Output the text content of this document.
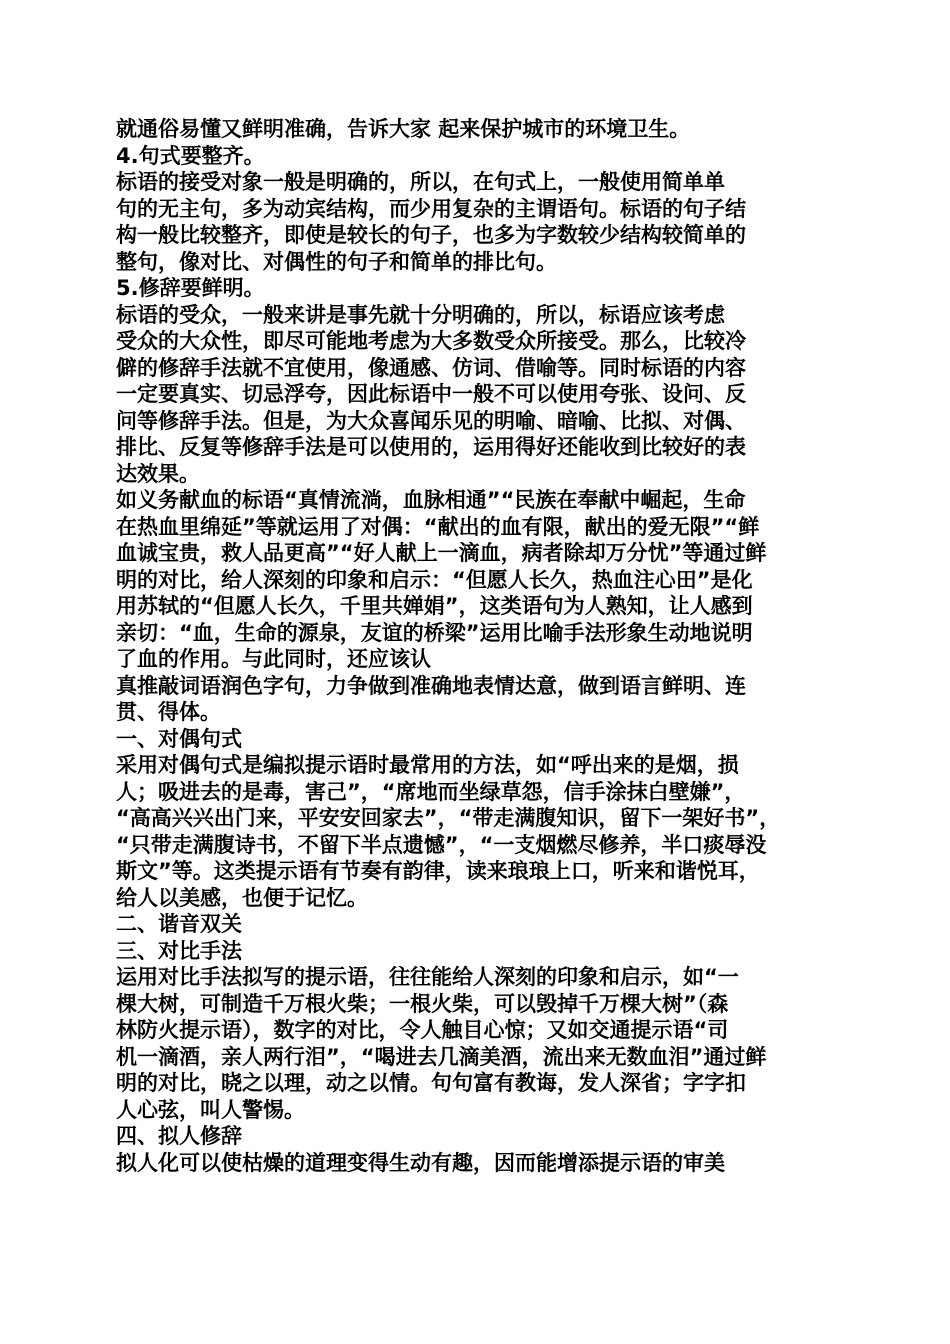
就通俗易懂又鲜明准确，告诉大家 起来保护城市的环境卫生。
4.句式要整齐。
标语的接受对象一般是明确的，所以，在句式上，一般使用简单单
句的无主句，多为动宾结构，而少用复杂的主谓语句。标语的句子结
构一般比较整齐，即使是较长的句子，也多为字数较少结构较简单的
整句，像对比、对偶性的句子和简单的排比句。
5.修辞要鲜明。
标语的受众，一般来讲是事先就十分明确的，所以，标语应该考虑
受众的大众性，即尽可能地考虑为大多数受众所接受。那么，比较冷
僻的修辞手法就不宜使用，像通感、仿词、借喻等。同时标语的内容
一定要真实、切忌浮夸，因此标语中一般不可以使用夸张、设问、反
问等修辞手法。但是，为大众喜闻乐见的明喻、暗喻、比拟、对偶、
排比、反复等修辞手法是可以使用的，运用得好还能收到比较好的表
达效果。
如义务献血的标语“真情流淌，血脉相通”“民族在奉献中崛起，生命
在热血里绵延”等就运用了对偶：“献出的血有限，献出的爱无限”“鲜
血诚宝贵，救人品更高”“好人献上一滴血，病者除却万分忧”等通过鲜
明的对比，给人深刻的印象和启示：“但愿人长久，热血注心田”是化
用苏轼的“但愿人长久，千里共婵娟”，这类语句为人熟知，让人感到
亲切：“血，生命的源泉，友谊的桥梁”运用比喻手法形象生动地说明
了血的作用。与此同时，还应该认
真推敲词语润色字句，力争做到准确地表情达意，做到语言鲜明、连
贯、得体。
一、对偶句式
采用对偶句式是编拟提示语时最常用的方法，如“呼出来的是烟，损
人；吸进去的是毒，害己”，“席地而坐绿草怨，信手涂抹白壁嫌”，
“高高兴兴出门来，平安安回家去”，“带走满腹知识，留下一架好书”，
“只带走满腹诗书，不留下半点遗憾”，“一支烟燃尽修养，半口痰辱没
斯文”等。这类提示语有节奏有韵律，读来琅琅上口，听来和谐悦耳，
给人以美感，也便于记忆。
二、谐音双关
三、对比手法
运用对比手法拟写的提示语，往往能给人深刻的印象和启示，如“一
棵大树，可制造千万根火柴；一根火柴，可以毁掉千万棵大树”（森
林防火提示语），数字的对比，令人触目心惊；又如交通提示语“司
机一滴酒，亲人两行泪”，“喝进去几滴美酒，流出来无数血泪”通过鲜
明的对比，晓之以理，动之以情。句句富有教诲，发人深省；字字扣
人心弦，叫人警惕。
四、拟人修辞
拟人化可以使枯燥的道理变得生动有趣，因而能增添提示语的审美
